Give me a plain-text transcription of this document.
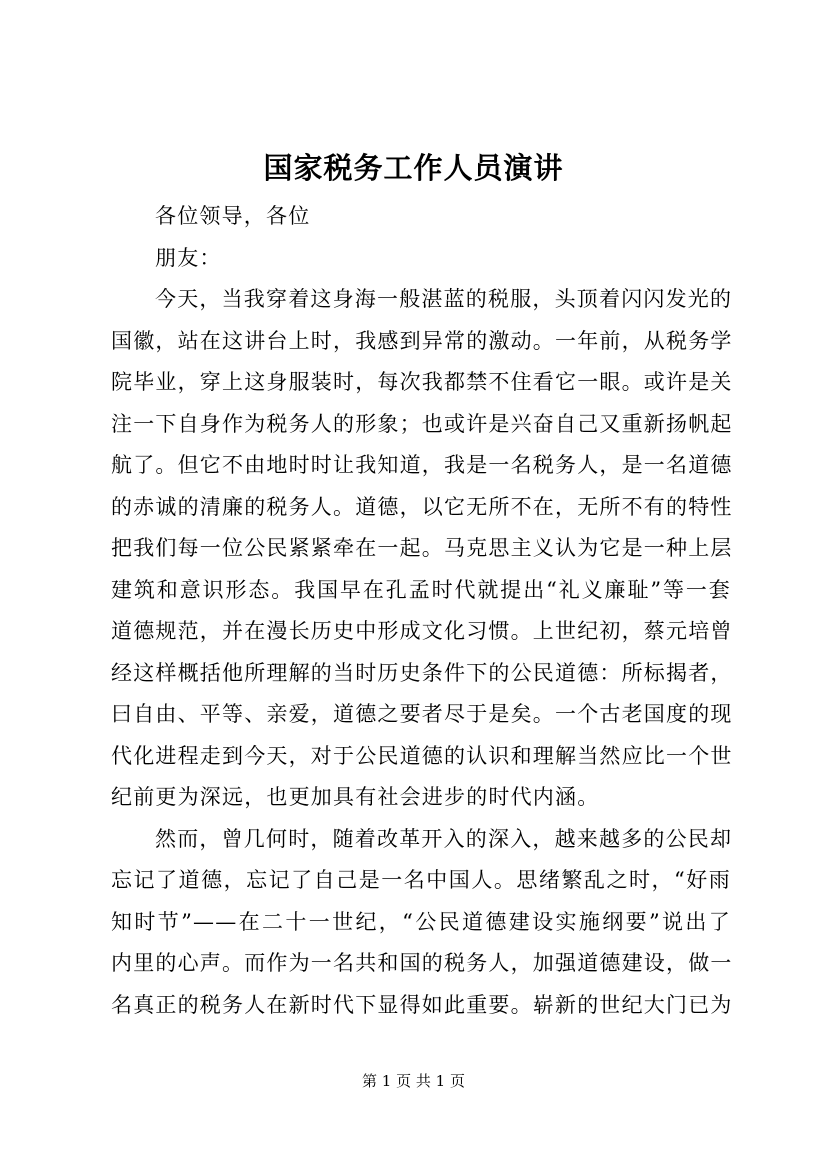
国家税务工作人员演讲
各位领导，各位
朋友：
今天，当我穿着这身海一般湛蓝的税服，头顶着闪闪发光的
国徽，站在这讲台上时，我感到异常的激动。一年前，从税务学
院毕业，穿上这身服装时，每次我都禁不住看它一眼。或许是关
注一下自身作为税务人的形象；也或许是兴奋自己又重新扬帆起
航了。但它不由地时时让我知道，我是一名税务人，是一名道德
的赤诚的清廉的税务人。道德，以它无所不在，无所不有的特性
把我们每一位公民紧紧牵在一起。马克思主义认为它是一种上层
建筑和意识形态。我国早在孔孟时代就提出“礼义廉耻”等一套
道德规范，并在漫长历史中形成文化习惯。上世纪初，蔡元培曾
经这样概括他所理解的当时历史条件下的公民道德：所标揭者，
曰自由、平等、亲爱，道德之要者尽于是矣。一个古老国度的现
代化进程走到今天，对于公民道德的认识和理解当然应比一个世
纪前更为深远，也更加具有社会进步的时代内涵。
然而，曾几何时，随着改革开入的深入，越来越多的公民却
忘记了道德，忘记了自己是一名中国人。思绪繁乱之时，“好雨
知时节”——在二十一世纪，“公民道德建设实施纲要”说出了
内里的心声。而作为一名共和国的税务人，加强道德建设，做一
名真正的税务人在新时代下显得如此重要。崭新的世纪大门已为
第 1 页 共 1 页
